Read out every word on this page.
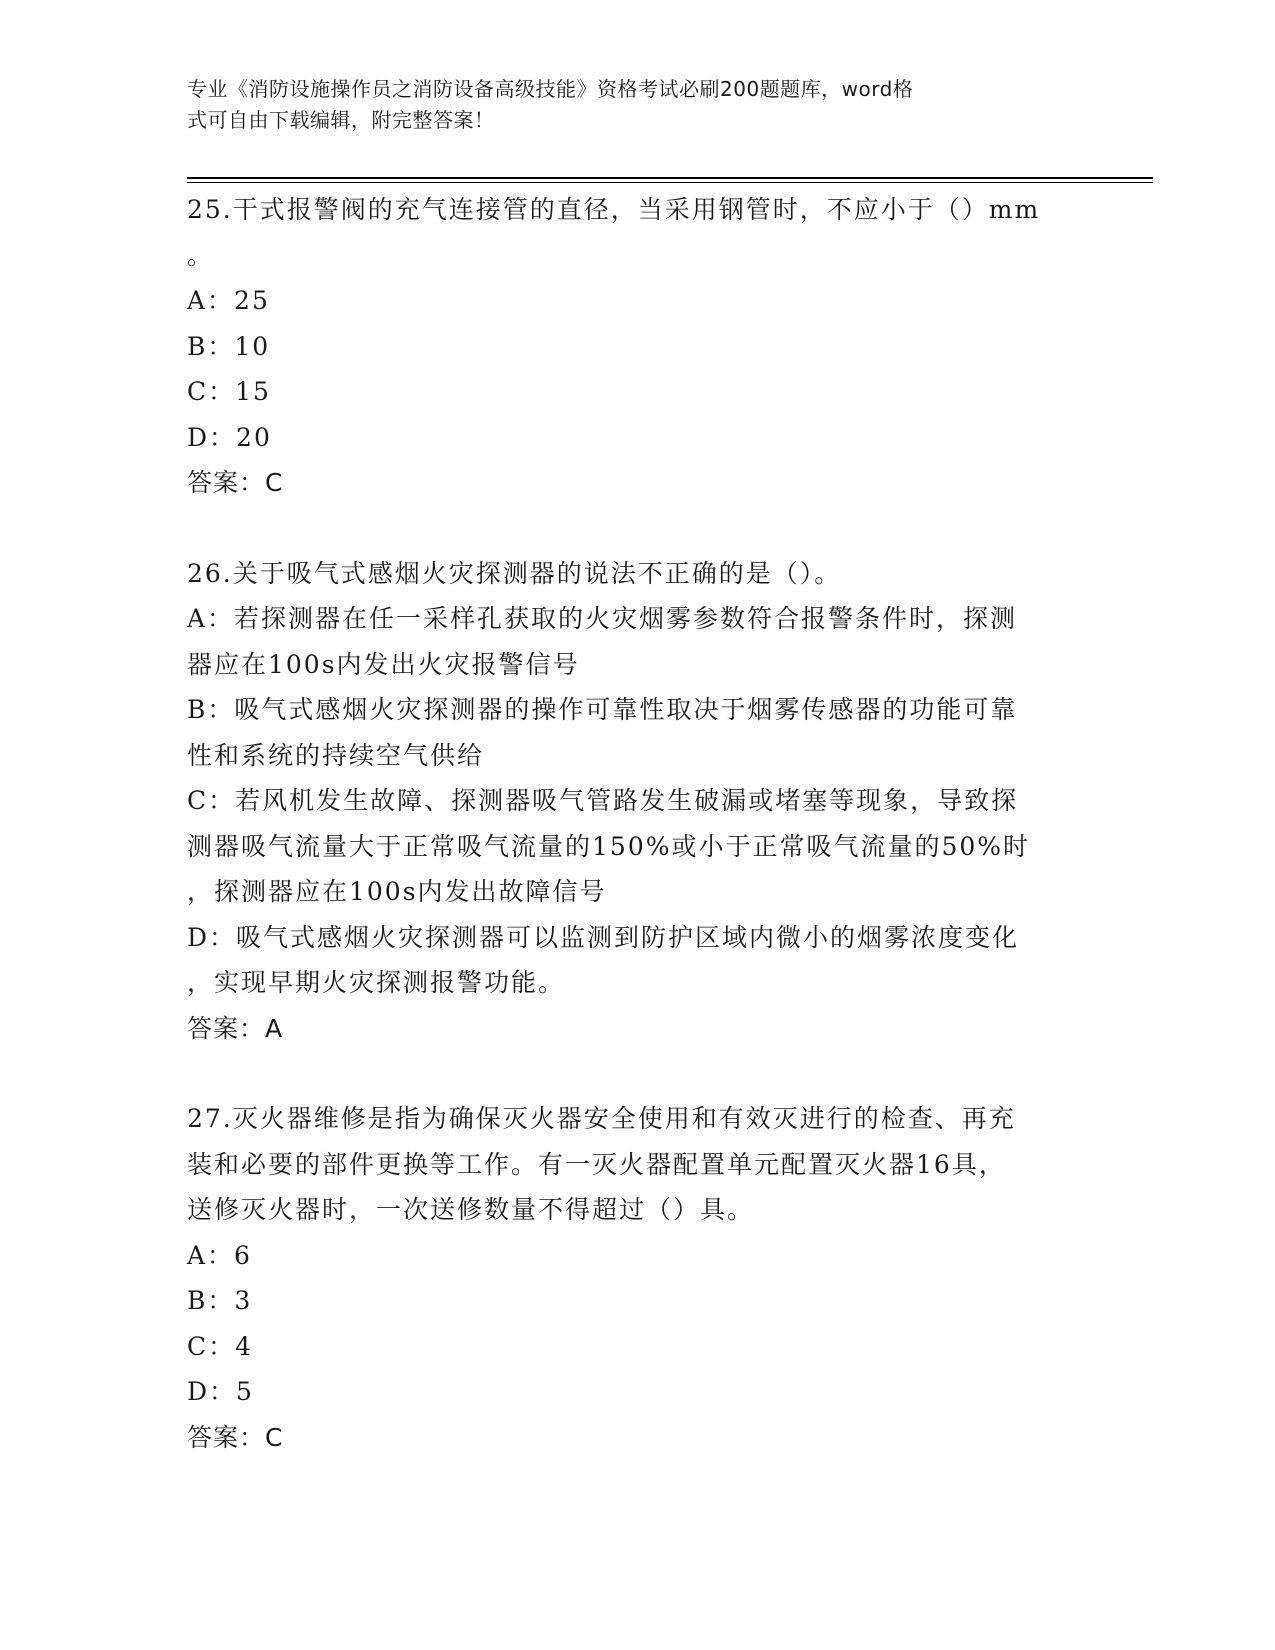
专业《消防设施操作员之消防设备高级技能》资格考试必刷200题题库，word格
式可自由下载编辑，附完整答案！
25.干式报警阀的充气连接管的直径，当采用钢管时，不应小于（）mm
。
A：25
B：10
C：15
D：20
答案：C
26.关于吸气式感烟火灾探测器的说法不正确的是（）。
A：若探测器在任一采样孔获取的火灾烟雾参数符合报警条件时，探测
器应在100s内发出火灾报警信号
B：吸气式感烟火灾探测器的操作可靠性取决于烟雾传感器的功能可靠
性和系统的持续空气供给
C：若风机发生故障、探测器吸气管路发生破漏或堵塞等现象，导致探
测器吸气流量大于正常吸气流量的150%或小于正常吸气流量的50%时
，探测器应在100s内发出故障信号
D：吸气式感烟火灾探测器可以监测到防护区域内微小的烟雾浓度变化
，实现早期火灾探测报警功能。
答案：A
27.灭火器维修是指为确保灭火器安全使用和有效灭进行的检查、再充
装和必要的部件更换等工作。有一灭火器配置单元配置灭火器16具，
送修灭火器时，一次送修数量不得超过（）具。
A：6
B：3
C：4
D：5
答案：C
